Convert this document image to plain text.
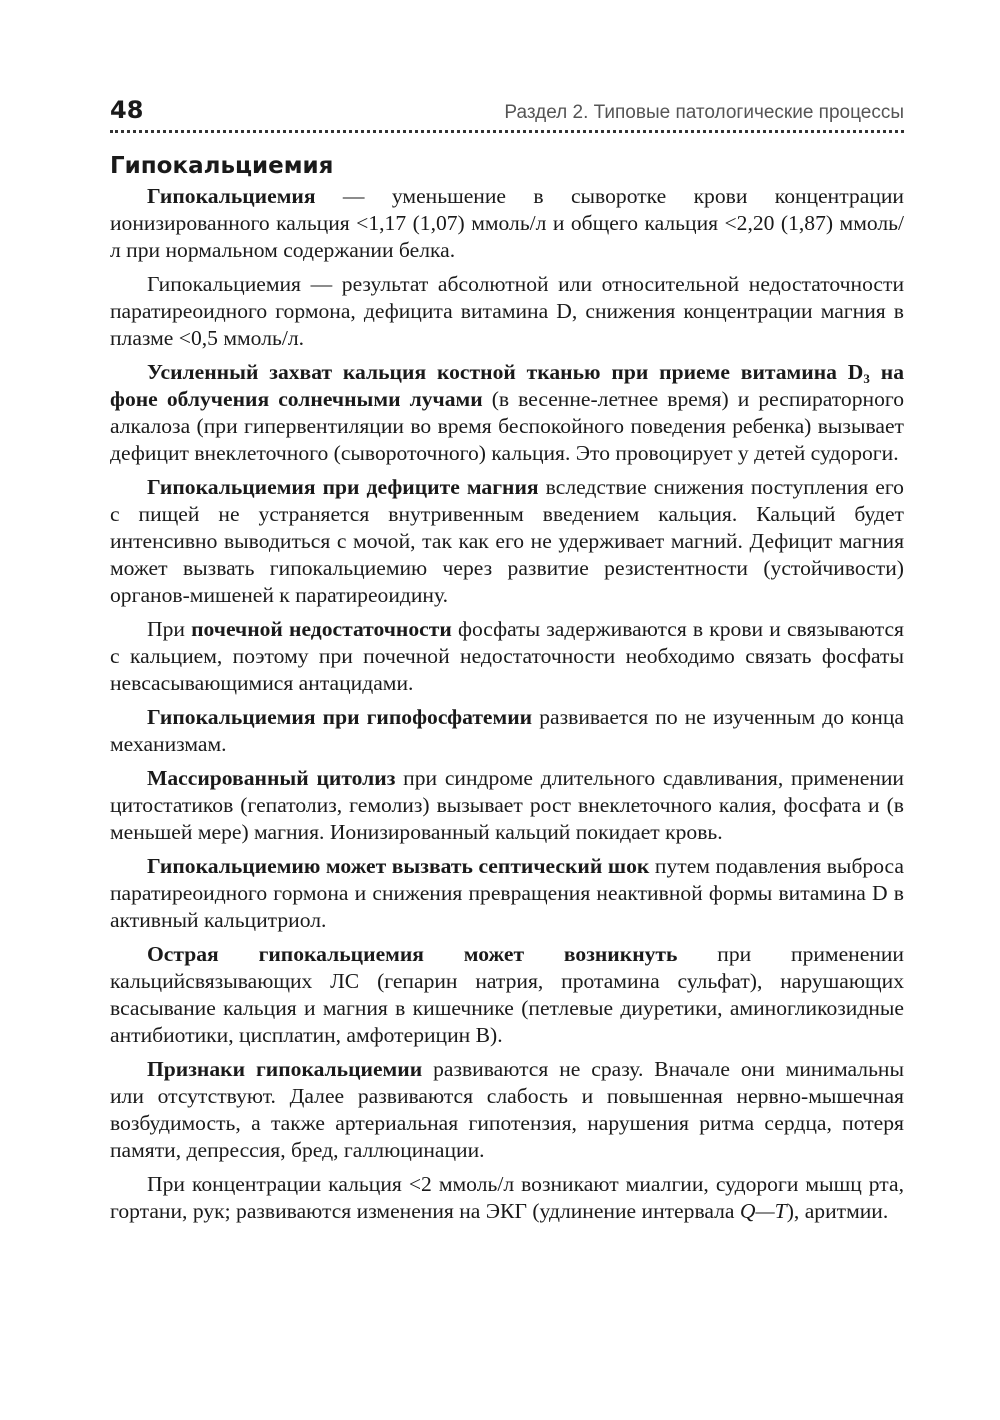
48	Раздел 2. Типовые патологические процессы
Гипокальциемия

Гипокальциемия — уменьшение в сыворотке крови концентрации ионизированного кальция <1,17 (1,07) ммоль/л и общего кальция <2,20 (1,87) ммоль/л при нормальном содержании белка.

Гипокальциемия — результат абсолютной или относительной недостаточности паратиреоидного гормона, дефицита витамина D, снижения концентрации магния в плазме <0,5 ммоль/л.

Усиленный захват кальция костной тканью при приеме витамина $D_3$ на фоне облучения солнечными лучами (в весенне-летнее время) и респираторного алкалоза (при гипервентиляции во время беспокойного поведения ребенка) вызывает дефицит внеклеточного (сывороточного) кальция. Это провоцирует у детей судороги.

Гипокальциемия при дефиците магния вследствие снижения поступления его с пищей не устраняется внутривенным введением кальция. Кальций будет интенсивно выводиться с мочой, так как его не удерживает магний. Дефицит магния может вызвать гипокальциемию через развитие резистентности (устойчивости) органов-мишеней к паратиреоидину.

При почечной недостаточности фосфаты задерживаются в крови и связываются с кальцием, поэтому при почечной недостаточности необходимо связать фосфаты невсасывающимися антацидами.

Гипокальциемия при гипофосфатемии развивается по не изученным до конца механизмам.

Массированный цитолиз при синдроме длительного сдавливания, применении цитостатиков (гепатолиз, гемолиз) вызывает рост внеклеточного калия, фосфата и (в меньшей мере) магния. Ионизированный кальций покидает кровь.

Гипокальциемию может вызвать септический шок путем подавления выброса паратиреоидного гормона и снижения превращения неактивной формы витамина D в активный кальцитриол.

Острая гипокальциемия может возникнуть при применении кальцийсвязывающих ЛС (гепарин натрия, протамина сульфат), нарушающих всасывание кальция и магния в кишечнике (петлевые диуретики, аминогликозидные антибиотики, цисплатин, амфотерицин В).

Признаки гипокальциемии развиваются не сразу. Вначале они минимальны или отсутствуют. Далее развиваются слабость и повышенная нервно-мышечная возбудимость, а также артериальная гипотензия, нарушения ритма сердца, потеря памяти, депрессия, бред, галлюцинации.

При концентрации кальция <2 ммоль/л возникают миалгии, судороги мышц рта, гортани, рук; развиваются изменения на ЭКГ (удлинение интервала Q—T), аритмии.
